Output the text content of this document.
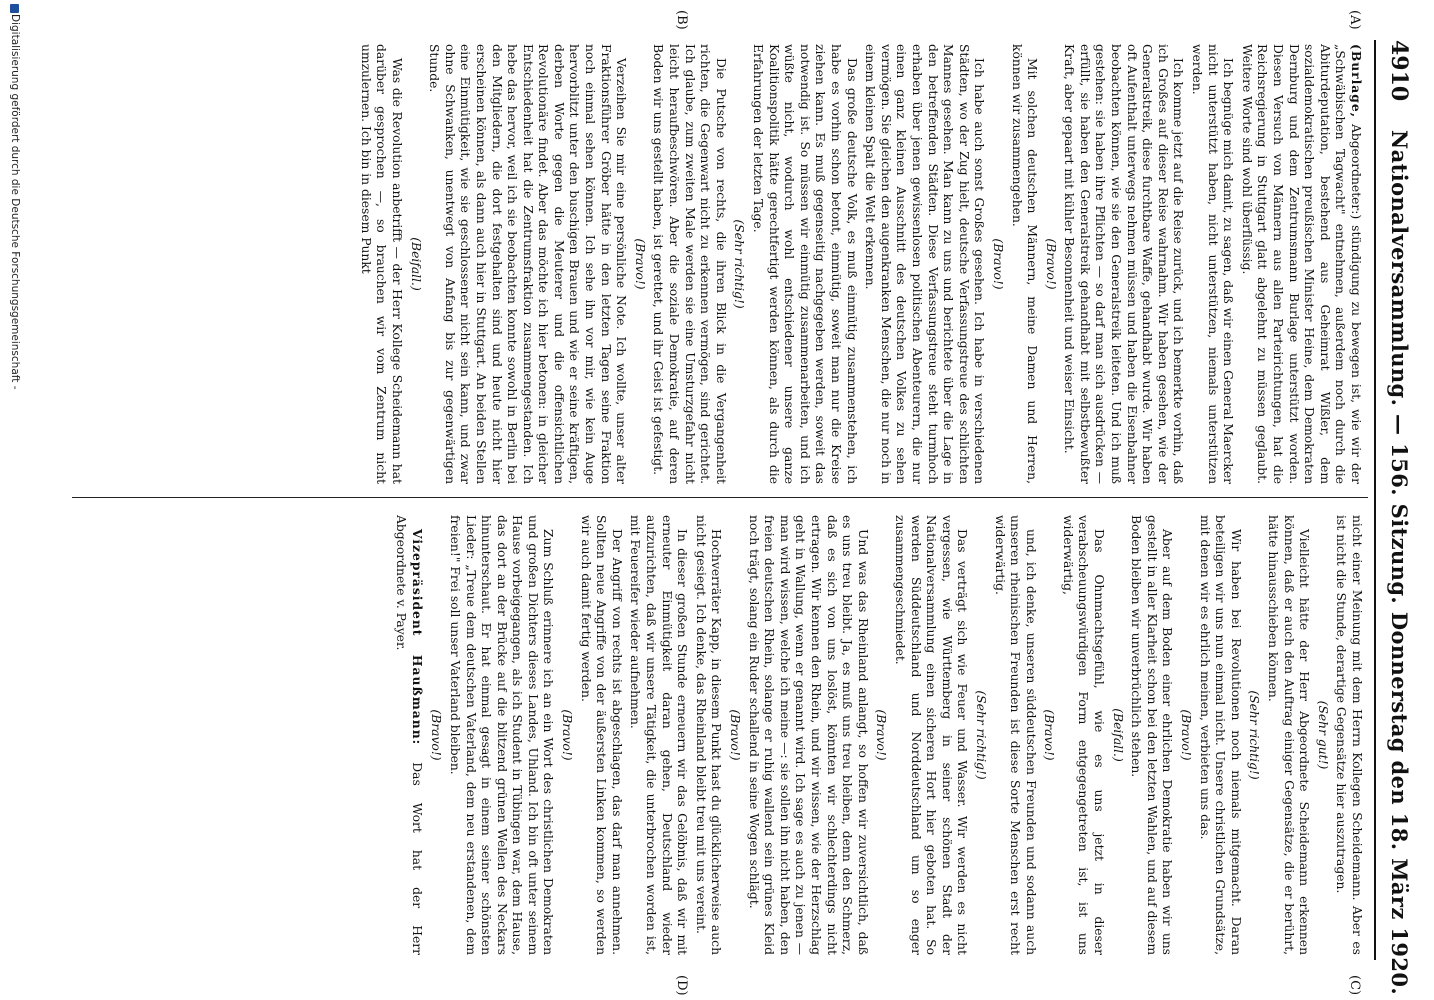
4910
Nationalversammlung. — 156. Sitzung. Donnerstag den 18. März 1920.
(A)
(B)
(C)
(D)

(Burlage, Abgeordneter:) stündigung zu bewegen ist, wie wir der „Schwäbischen Tagwacht" entnehmen, außerdem noch durch die Abiturdeputation, bestehend aus Geheimrat Wißler, dem sozialdemokratischen preußischen Minister Heine, dem Demokraten Dernburg und dem Zentrumsmann Burlage unterstützt worden. Diesen Versuch von Männern aus allen Parteirichtungen, hat die Reichsregierung in Stuttgart glatt abgelehnt zu müssen geglaubt. Weitere Worte sind wohl überflüssig.

Ich begnüge mich damit, zu sagen, daß wir einen General Maercker nicht unterstützt haben, nicht unterstützen, niemals unterstützen werden.

Ich komme jetzt auf die Reise zurück, und ich bemerkte vorhin, daß ich Großes auf dieser Reise wahrnahm. Wir haben gesehen, wie der Generalstreik, diese furchtbare Waffe, gehandhabt wurde. Wir haben oft Aufenthalt unterwegs nehmen müssen und haben die Eisenbahner beobachten können, wie sie den Generalstreik leiteten. Und ich muß gestehen: sie haben ihre Pflichten — so darf man sich ausdrücken — erfüllt, sie haben den Generalstreik gehandhabt mit selbstbewußter Kraft, aber gepaart mit kühler Besonnenheit und weiser Einsicht.

(Bravo!)

Mit solchen deutschen Männern, meine Damen und Herren, können wir zusammengehen.

(Bravo!)

Ich habe auch sonst Großes gesehen. Ich habe in verschiedenen Städten, wo der Zug hielt, deutsche Verfassungstreue des schlichten Mannes gesehen. Man kann zu uns und berichtete über die Lage in den betreffenden Städten. Diese Verfassungstreue steht turmhoch erhaben über jenen gewissenlosen politischen Abenteurern, die nur einen ganz kleinen Ausschnitt des deutschen Volkes zu sehen vermögen. Sie gleichen den augenkranken Menschen, die nur noch in einem kleinen Spalt die Welt erkennen.

Das große deutsche Volk, es muß einmütig zusammenstehen, ich habe es vorhin schon betont, einmütig, soweit man nur die Kreise ziehen kann. Es muß gegenseitig nachgegeben werden, soweit das notwendig ist. So müssen wir einmütig zusammenarbeiten, und ich wüßte nicht, wodurch wohl entschiedener unsere ganze Koalitionspolitik hätte gerechtfertigt werden können, als durch die Erfahrungen der letzten Tage.

(Sehr richtig!)

Die Putsche von rechts, die ihren Blick in die Vergangenheit richten, die Gegenwart nicht zu erkennen vermögen, sind gerichtet. Ich glaube, zum zweiten Male werden sie eine Umsturzgefahr nicht leicht heraufbeschwören. Aber die soziale Demokratie, auf deren Boden wir uns gestellt haben, ist gerettet, und ihr Geist ist gefestigt.

(Bravo!)

Verzeihen Sie mir eine persönliche Note. Ich wollte, unser alter Fraktionsführer Gröber hätte in den letzten Tagen seine Fraktion noch einmal sehen können. Ich sehe ihn vor mir, wie kein Auge hervorblitzt unter den buschigen Brauen und wie er seine kräftigen, derben Worte gegen die Meuterer und die offensichtlichen Revolutionäre findet. Aber das möchte ich hier betonen: in gleicher Entschiedenheit hat die Zentrumsfraktion zusammengestanden. Ich hebe das hervor, weil ich sie beobachten konnte sowohl in Berlin bei den Mitgliedern, die dort festgehalten sind und heute nicht hier erscheinen können, als dann auch hier in Stuttgart. An beiden Stellen eine Einmütigkeit, wie sie geschlossener nicht sein kann, und zwar ohne Schwanken, unentwegt von Anfang bis zur gegenwärtigen Stunde.

(Beifall.)

Was die Revolution anbetrifft — der Herr Kollege Scheidemann hat darüber gesprochen —, so brauchen wir vom Zentrum nicht umzulernen. Ich bin in diesem Punkt

nicht einer Meinung mit dem Herrn Kollegen Scheidemann. Aber es ist nicht die Stunde, derartige Gegensätze hier auszutragen.

(Sehr gut!)

Vielleicht hätte der Herr Abgeordnete Scheidemann erkennen können, daß er auch den Auftrag einiger Gegensätze, die er berührt, hätte hinausschieben können.

(Sehr richtig!)

Wir haben bei Revolutionen noch niemals mitgemacht. Daran beteiligen wir uns nun einmal nicht. Unsere christlichen Grundsätze, mit denen wir es ehrlich meinen, verbieten uns das.

(Bravo!)

Aber auf dem Boden einer ehrlichen Demokratie haben wir uns gestellt in aller Klarheit schon bei den letzten Wahlen, und auf diesem Boden bleiben wir unverbrüchlich stehen.

(Beifall.)

Das Ohnmachtsgefühl, wie es uns jetzt in dieser verabscheuungswürdigen Form entgegengetreten ist, ist uns widerwärtig,

(Bravo!)

und, ich denke, unseren süddeutschen Freunden und sodann auch unseren rheinischen Freunden ist diese Sorte Menschen erst recht widerwärtig.

(Sehr richtig!)

Das verträgt sich wie Feuer und Wasser. Wir werden es nicht vergessen, wie Württemberg in seiner schönen Stadt der Nationalversammlung einen sicheren Hort hier geboten hat. So werden Süddeutschland und Norddeutschland um so enger zusammengeschmiedet.

(Bravo!)

Und was das Rheinland anlangt, so hoffen wir zuversichtlich, daß es uns treu bleibt. Ja, es muß uns treu bleiben, denn den Schmerz, daß es sich von uns loslöst, könnten wir schlechterdings nicht ertragen. Wir kennen den Rhein, und wir wissen, wie der Herzschlag geht in Wallung, wenn er genannt wird. Ich sage es auch zu jenen — man wird wissen, welche ich meine —: sie sollen ihn nicht haben, den freien deutschen Rhein, solange er ruhig wallend sein grünes Kleid noch trägt, solang ein Ruder schallend in seine Wogen schlägt.

(Bravo!)

Hochverräter Kapp, in diesem Punkt hast du glücklicherweise auch nicht gesiegt. Ich denke, das Rheinland bleibt treu mit uns vereint.

In dieser großen Stunde erneuern wir das Gelöbnis, daß wir mit erneuter Einmütigkeit daran gehen, Deutschland wieder aufzurichten, daß wir unsere Tätigkeit, die unterbrochen worden ist, mit Feuereifer wieder aufnehmen.

Der Angriff von rechts ist abgeschlagen, das darf man annehmen. Sollten neue Angriffe von der äußersten Linken kommen, so werden wir auch damit fertig werden.

(Bravo!)

Zum Schluß erinnere ich an ein Wort des christlichen Demokraten und großen Dichters dieses Landes, Uhland. Ich bin oft unter seinem Hause vorbeigegangen, als ich Student in Tübingen war, dem Hause, das dort an der Brücke auf die blitzend grünen Wellen des Neckars hinunterschaut. Er hat einmal gesagt in einem seiner schönsten Lieder: „Treue dem deutschen Vaterland, dem neu erstandenen, dem freien!" Frei soll unser Vaterland bleiben.

(Bravo!)

Vizepräsident Haußmann: Das Wort hat der Herr Abgeordnete v. Payer.

Digitalisierung gefördert durch die Deutsche Forschungsgemeinschaft -
